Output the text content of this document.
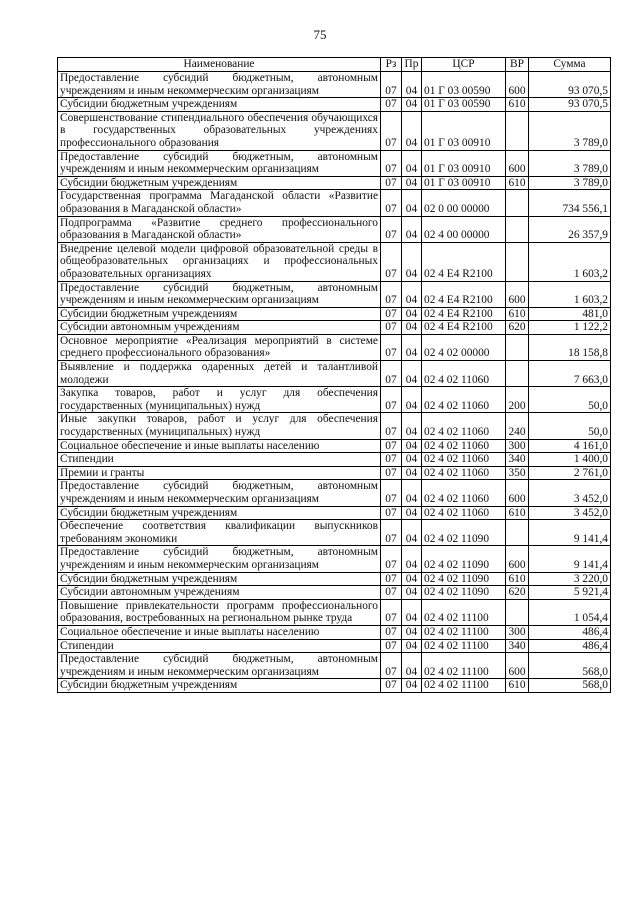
75
Наименование	Рз	Пр	ЦСР	ВР	Сумма
Предоставление субсидий бюджетным, автономным учреждениям и иным некоммерческим организациям	07	04	01 Г 03 00590	600	93 070,5
Субсидии бюджетным учреждениям	07	04	01 Г 03 00590	610	93 070,5
Совершенствование стипендиального обеспечения обучающихся в государственных образовательных учреждениях профессионального образования	07	04	01 Г 03 00910		3 789,0
Предоставление субсидий бюджетным, автономным учреждениям и иным некоммерческим организациям	07	04	01 Г 03 00910	600	3 789,0
Субсидии бюджетным учреждениям	07	04	01 Г 03 00910	610	3 789,0
Государственная программа Магаданской области «Развитие образования в Магаданской области»	07	04	02 0 00 00000		734 556,1
Подпрограмма «Развитие среднего профессионального образования в Магаданской области»	07	04	02 4 00 00000		26 357,9
Внедрение целевой модели цифровой образовательной среды в общеобразовательных организациях и профессиональных образовательных организациях	07	04	02 4 E4 R2100		1 603,2
Предоставление субсидий бюджетным, автономным учреждениям и иным некоммерческим организациям	07	04	02 4 E4 R2100	600	1 603,2
Субсидии бюджетным учреждениям	07	04	02 4 E4 R2100	610	481,0
Субсидии автономным учреждениям	07	04	02 4 E4 R2100	620	1 122,2
Основное мероприятие «Реализация мероприятий в системе среднего профессионального образования»	07	04	02 4 02 00000		18 158,8
Выявление и поддержка одаренных детей и талантливой молодежи	07	04	02 4 02 11060		7 663,0
Закупка товаров, работ и услуг для обеспечения государственных (муниципальных) нужд	07	04	02 4 02 11060	200	50,0
Иные закупки товаров, работ и услуг для обеспечения государственных (муниципальных) нужд	07	04	02 4 02 11060	240	50,0
Социальное обеспечение и иные выплаты населению	07	04	02 4 02 11060	300	4 161,0
Стипендии	07	04	02 4 02 11060	340	1 400,0
Премии и гранты	07	04	02 4 02 11060	350	2 761,0
Предоставление субсидий бюджетным, автономным учреждениям и иным некоммерческим организациям	07	04	02 4 02 11060	600	3 452,0
Субсидии бюджетным учреждениям	07	04	02 4 02 11060	610	3 452,0
Обеспечение соответствия квалификации выпускников требованиям экономики	07	04	02 4 02 11090		9 141,4
Предоставление субсидий бюджетным, автономным учреждениям и иным некоммерческим организациям	07	04	02 4 02 11090	600	9 141,4
Субсидии бюджетным учреждениям	07	04	02 4 02 11090	610	3 220,0
Субсидии автономным учреждениям	07	04	02 4 02 11090	620	5 921,4
Повышение привлекательности программ профессионального образования, востребованных на региональном рынке труда	07	04	02 4 02 11100		1 054,4
Социальное обеспечение и иные выплаты населению	07	04	02 4 02 11100	300	486,4
Стипендии	07	04	02 4 02 11100	340	486,4
Предоставление субсидий бюджетным, автономным учреждениям и иным некоммерческим организациям	07	04	02 4 02 11100	600	568,0
Субсидии бюджетным учреждениям	07	04	02 4 02 11100	610	568,0
